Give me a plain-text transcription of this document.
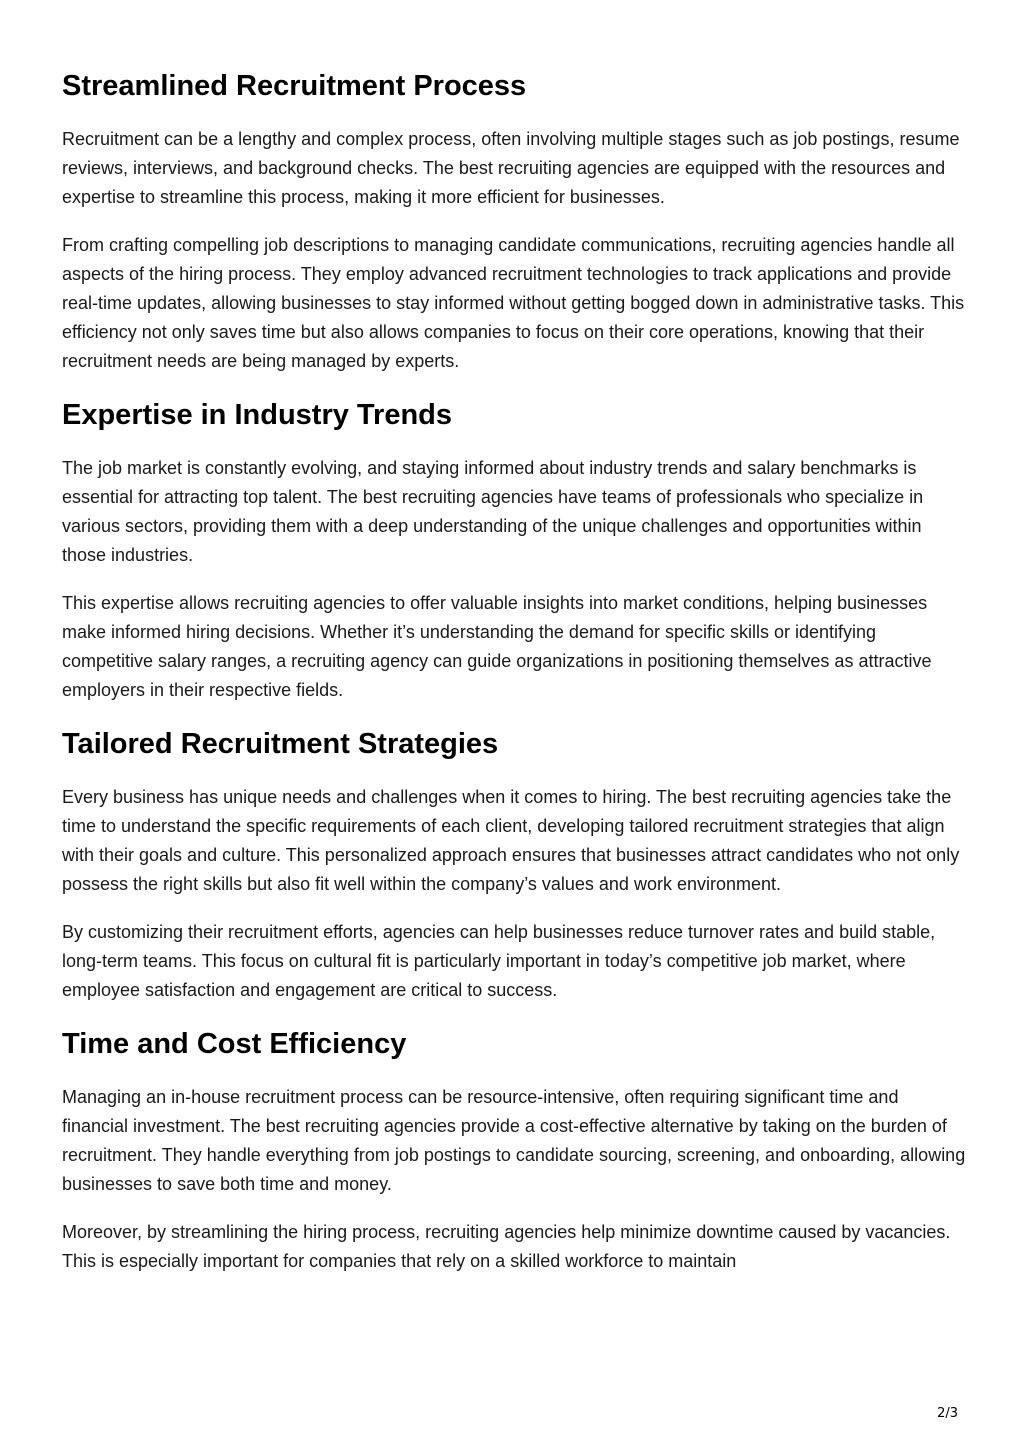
Streamlined Recruitment Process

Recruitment can be a lengthy and complex process, often involving multiple stages such as job postings, resume reviews, interviews, and background checks. The best recruiting agencies are equipped with the resources and expertise to streamline this process, making it more efficient for businesses.

From crafting compelling job descriptions to managing candidate communications, recruiting agencies handle all aspects of the hiring process. They employ advanced recruitment technologies to track applications and provide real-time updates, allowing businesses to stay informed without getting bogged down in administrative tasks. This efficiency not only saves time but also allows companies to focus on their core operations, knowing that their recruitment needs are being managed by experts.

Expertise in Industry Trends

The job market is constantly evolving, and staying informed about industry trends and salary benchmarks is essential for attracting top talent. The best recruiting agencies have teams of professionals who specialize in various sectors, providing them with a deep understanding of the unique challenges and opportunities within those industries.

This expertise allows recruiting agencies to offer valuable insights into market conditions, helping businesses make informed hiring decisions. Whether it’s understanding the demand for specific skills or identifying competitive salary ranges, a recruiting agency can guide organizations in positioning themselves as attractive employers in their respective fields.

Tailored Recruitment Strategies

Every business has unique needs and challenges when it comes to hiring. The best recruiting agencies take the time to understand the specific requirements of each client, developing tailored recruitment strategies that align with their goals and culture. This personalized approach ensures that businesses attract candidates who not only possess the right skills but also fit well within the company’s values and work environment.

By customizing their recruitment efforts, agencies can help businesses reduce turnover rates and build stable, long-term teams. This focus on cultural fit is particularly important in today’s competitive job market, where employee satisfaction and engagement are critical to success.

Time and Cost Efficiency

Managing an in-house recruitment process can be resource-intensive, often requiring significant time and financial investment. The best recruiting agencies provide a cost-effective alternative by taking on the burden of recruitment. They handle everything from job postings to candidate sourcing, screening, and onboarding, allowing businesses to save both time and money.

Moreover, by streamlining the hiring process, recruiting agencies help minimize downtime caused by vacancies. This is especially important for companies that rely on a skilled workforce to maintain

2/3
